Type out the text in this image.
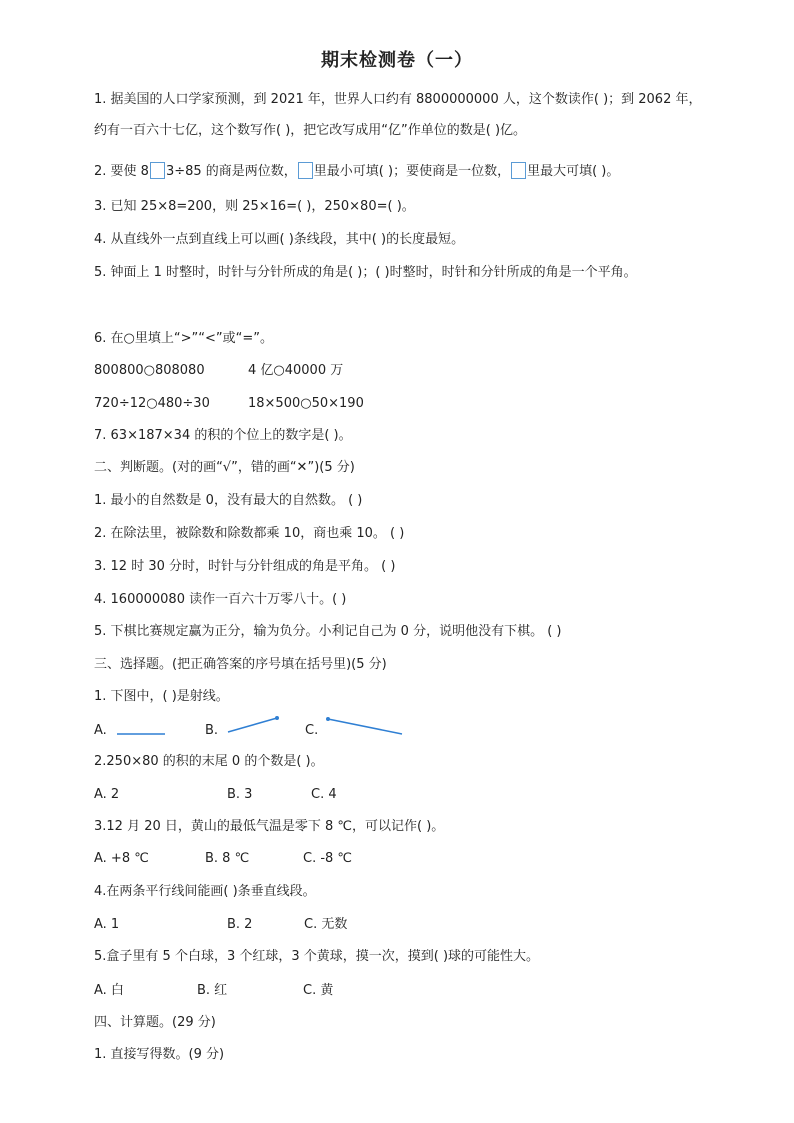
期末检测卷（一）
1. 据美国的人口学家预测，到 2021 年，世界人口约有 8800000000 人，这个数读作( )；到 2062 年，
约有一百六十七亿，这个数写作( )，把它改写成用“亿”作单位的数是( )亿。
2. 要使 8 3÷85 的商是两位数， 里最小可填( )；要使商是一位数， 里最大可填( )。
3. 已知 25×8=200，则 25×16=( )，250×80=( )。
4. 从直线外一点到直线上可以画( )条线段，其中( )的长度最短。
5. 钟面上 1 时整时，时针与分针所成的角是( )；( )时整时，时针和分针所成的角是一个平角。
6. 在○里填上“>”“<”或“=”。
800800○808080	4 亿○40000 万
720÷12○480÷30	18×500○50×190
7. 63×187×34 的积的个位上的数字是( )。
二、判断题。(对的画“√”，错的画“✕”)(5 分)
1. 最小的自然数是 0，没有最大的自然数。 ( )
2. 在除法里，被除数和除数都乘 10，商也乘 10。 ( )
3. 12 时 30 分时，时针与分针组成的角是平角。 ( )
4. 160000080 读作一百六十万零八十。( )
5. 下棋比赛规定赢为正分，输为负分。小利记自己为 0 分，说明他没有下棋。 ( )
三、选择题。(把正确答案的序号填在括号里)(5 分)
1. 下图中，( )是射线。
A.	B.	C.
2.250×80 的积的末尾 0 的个数是( )。
A. 2	B. 3	C. 4
3.12 月 20 日，黄山的最低气温是零下 8 ℃，可以记作( )。
A. +8 ℃	B. 8 ℃	C. -8 ℃
4.在两条平行线间能画( )条垂直线段。
A. 1	B. 2	C. 无数
5.盒子里有 5 个白球，3 个红球，3 个黄球，摸一次，摸到( )球的可能性大。
A. 白	B. 红	C. 黄
四、计算题。(29 分)
1. 直接写得数。(9 分)
